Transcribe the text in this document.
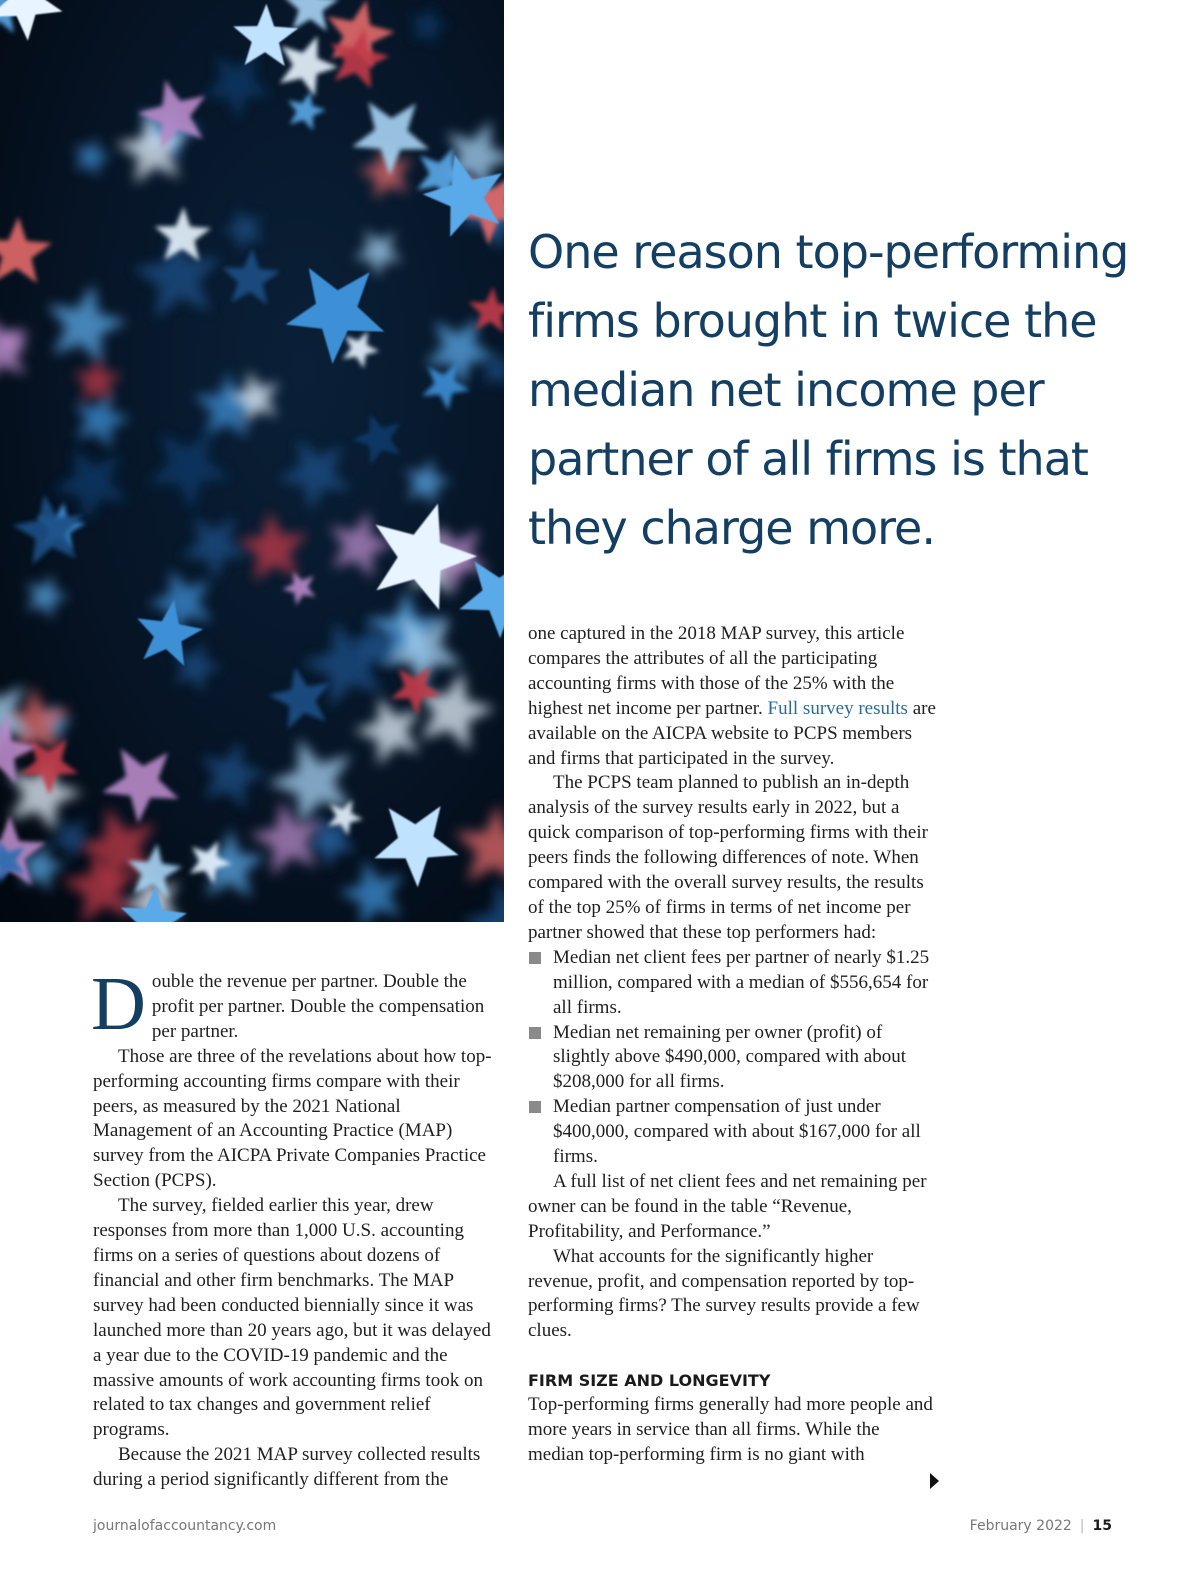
One reason top-performing firms brought in twice the median net income per partner of all firms is that they charge more.

Double the revenue per partner. Double the profit per partner. Double the compensation per partner.

Those are three of the revelations about how top-performing accounting firms compare with their peers, as measured by the 2021 National Management of an Accounting Practice (MAP) survey from the AICPA Private Companies Practice Section (PCPS).

The survey, fielded earlier this year, drew responses from more than 1,000 U.S. accounting firms on a series of questions about dozens of financial and other firm benchmarks. The MAP survey had been conducted biennially since it was launched more than 20 years ago, but it was delayed a year due to the COVID-19 pandemic and the massive amounts of work accounting firms took on related to tax changes and government relief programs.

Because the 2021 MAP survey collected results during a period significantly different from the

one captured in the 2018 MAP survey, this article compares the attributes of all the participating accounting firms with those of the 25% with the highest net income per partner. Full survey results are available on the AICPA website to PCPS members and firms that participated in the survey.

The PCPS team planned to publish an in-depth analysis of the survey results early in 2022, but a quick comparison of top-performing firms with their peers finds the following differences of note. When compared with the overall survey results, the results of the top 25% of firms in terms of net income per partner showed that these top performers had:

Median net client fees per partner of nearly $1.25 million, compared with a median of $556,654 for all firms.
Median net remaining per owner (profit) of slightly above $490,000, compared with about $208,000 for all firms.
Median partner compensation of just under $400,000, compared with about $167,000 for all firms.

A full list of net client fees and net remaining per owner can be found in the table “Revenue, Profitability, and Performance.”

What accounts for the significantly higher revenue, profit, and compensation reported by top-performing firms? The survey results provide a few clues.

FIRM SIZE AND LONGEVITY

Top-performing firms generally had more people and more years in service than all firms. While the median top-performing firm is no giant with

journalofaccountancy.com	February 2022 | 15
